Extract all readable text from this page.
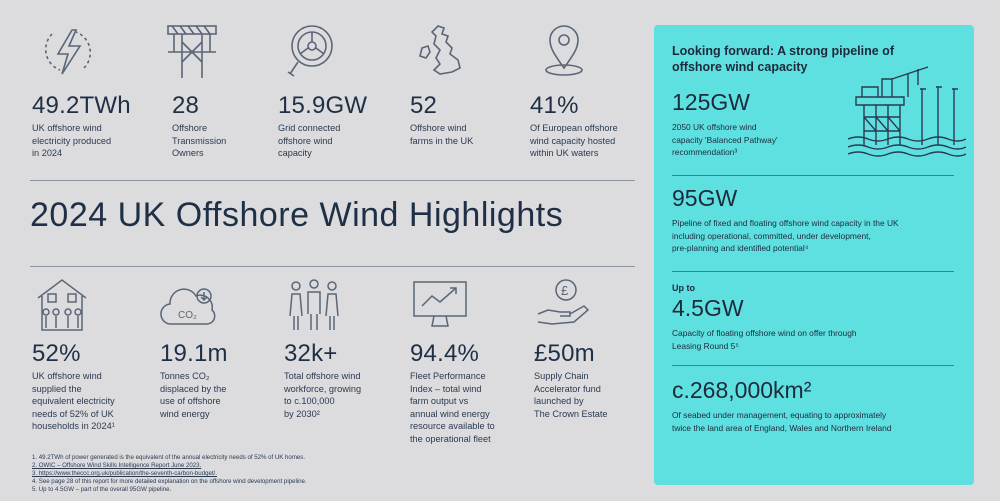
49.2TWh
UK offshore wind
electricity produced
in 2024
28
Offshore
Transmission
Owners
15.9GW
Grid connected
offshore wind
capacity
52
Offshore wind
farms in the UK
41%
Of European offshore
wind capacity hosted
within UK waters
2024 UK Offshore Wind Highlights
CO₂
£
52%
UK offshore wind
supplied the
equivalent electricity
needs of 52% of UK
households in 2024¹
19.1m
Tonnes CO₂
displaced by the
use of offshore
wind energy
32k+
Total offshore wind
workforce, growing
to c.100,000
by 2030²
94.4%
Fleet Performance
Index – total wind
farm output vs
annual wind energy
resource available to
the operational fleet
£50m
Supply Chain
Accelerator fund
launched by
The Crown Estate
1. 49.2TWh of power generated is the equivalent of the annual electricity needs of 52% of UK homes.
2. OWIC – Offshore Wind Skills Intelligence Report June 2023.
3. https://www.theccc.org.uk/publication/the-seventh-carbon-budget/.
4. See page 28 of this report for more detailed explanation on the offshore wind development pipeline.
5. Up to 4.5GW – part of the overall 95GW pipeline.
Looking forward: A strong pipeline of offshore wind capacity
125GW
2050 UK offshore wind
capacity 'Balanced Pathway'
recommendation³
95GW
Pipeline of fixed and floating offshore wind capacity in the UK
including operational, committed, under development,
pre-planning and identified potential⁴
Up to
4.5GW
Capacity of floating offshore wind on offer through
Leasing Round 5⁵
c.268,000km²
Of seabed under management, equating to approximately
twice the land area of England, Wales and Northern Ireland
